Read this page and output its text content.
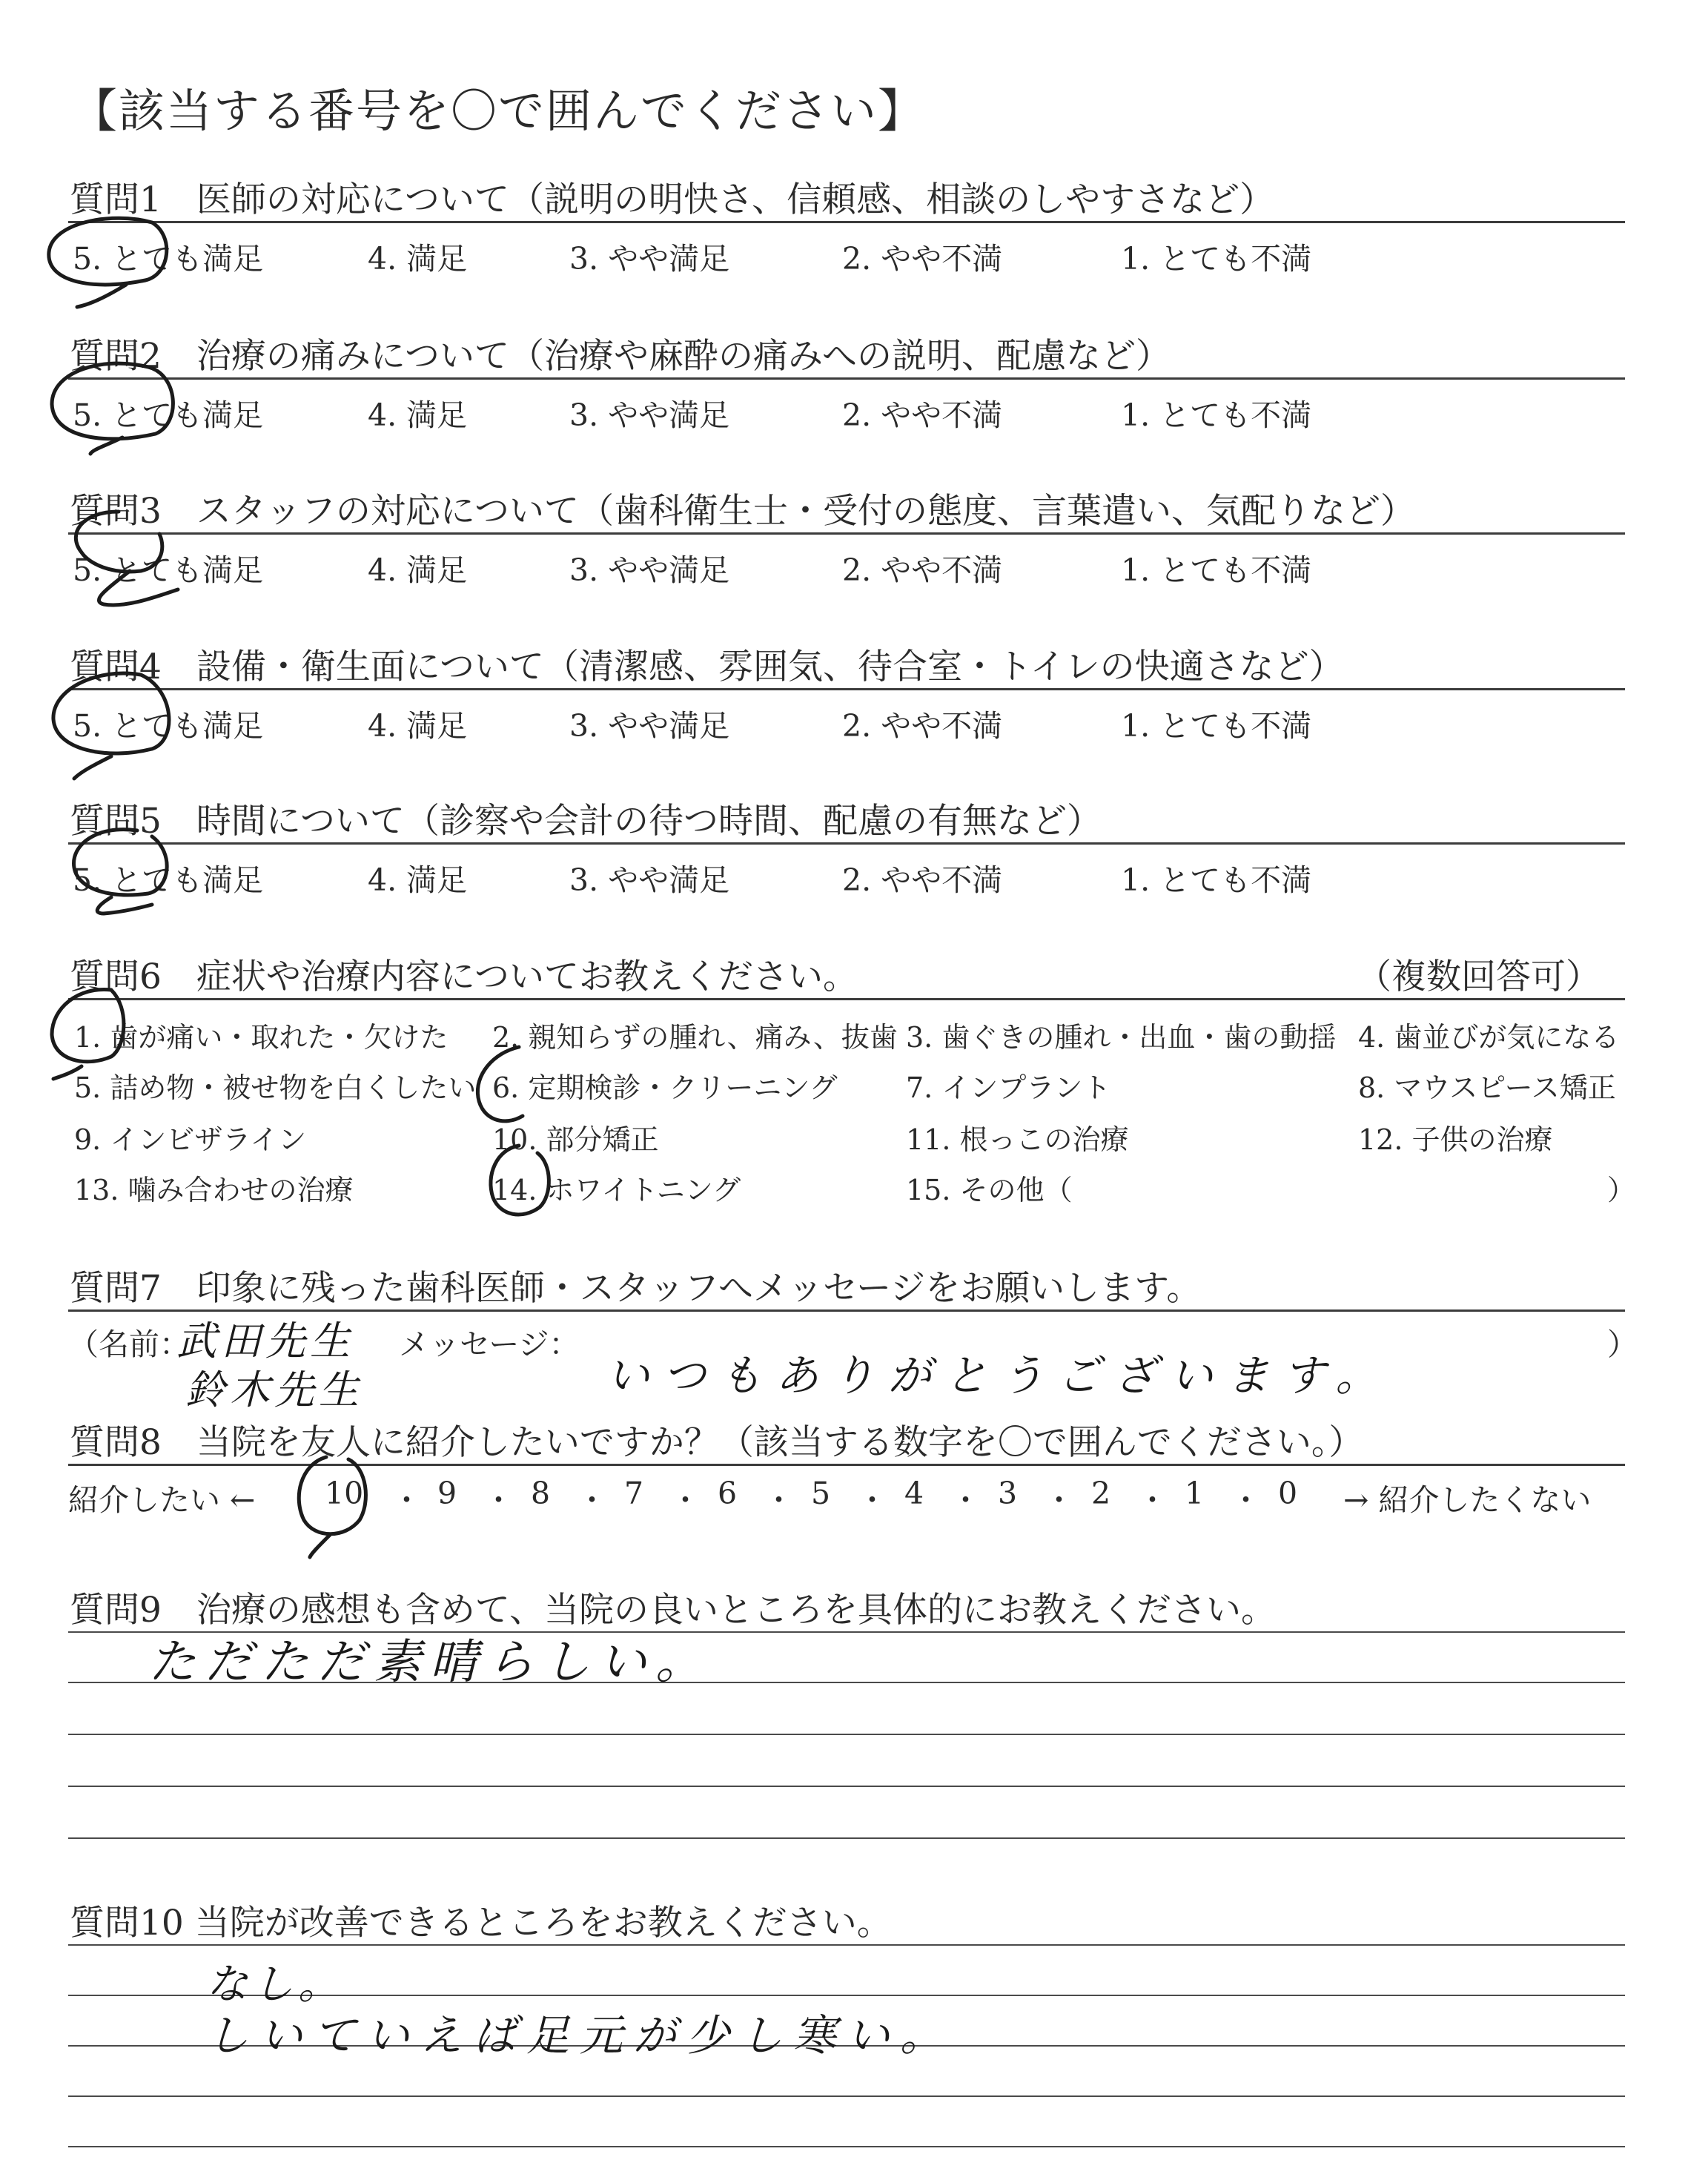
【該当する番号を〇で囲んでください】
質問1　医師の対応について（説明の明快さ、信頼感、相談のしやすさなど）
5. とても満足	4. 満足	3. やや満足	2. やや不満	1. とても不満
質問2　治療の痛みについて（治療や麻酔の痛みへの説明、配慮など）
5. とても満足	4. 満足	3. やや満足	2. やや不満	1. とても不満
質問3　スタッフの対応について（歯科衛生士・受付の態度、言葉遣い、気配りなど）
5. とても満足	4. 満足	3. やや満足	2. やや不満	1. とても不満
質問4　設備・衛生面について（清潔感、雰囲気、待合室・トイレの快適さなど）
5. とても満足	4. 満足	3. やや満足	2. やや不満	1. とても不満
質問5　時間について（診察や会計の待つ時間、配慮の有無など）
5. とても満足	4. 満足	3. やや満足	2. やや不満	1. とても不満
質問6　症状や治療内容についてお教えください。	（複数回答可）
1. 歯が痛い・取れた・欠けた 2. 親知らずの腫れ、痛み、抜歯 3. 歯ぐきの腫れ・出血・歯の動揺 4. 歯並びが気になる
5. 詰め物・被せ物を白くしたい 6. 定期検診・クリーニング 7. インプラント	8. マウスピース矯正
9. インビザライン	10. 部分矯正	11. 根っこの治療	12. 子供の治療
13. 噛み合わせの治療	14. ホワイトニング	15. その他（	）
質問7　印象に残った歯科医師・スタッフへメッセージをお願いします。
（名前：	メッセージ：	）
武田先生
鈴木先生	いつもありがとうございます。
質問8　当院を友人に紹介したいですか？（該当する数字を〇で囲んでください。）
紹介したい ←	→ 紹介したくない
10 ・ 9 ・ 8 ・ 7 ・ 6 ・ 5 ・ 4 ・ 3 ・ 2 ・ 1 ・ 0
質問9　治療の感想も含めて、当院の良いところを具体的にお教えください。
ただただ素晴らしい。
質問10 当院が改善できるところをお教えください。
なし。
しいていえば足元が少し寒い。
